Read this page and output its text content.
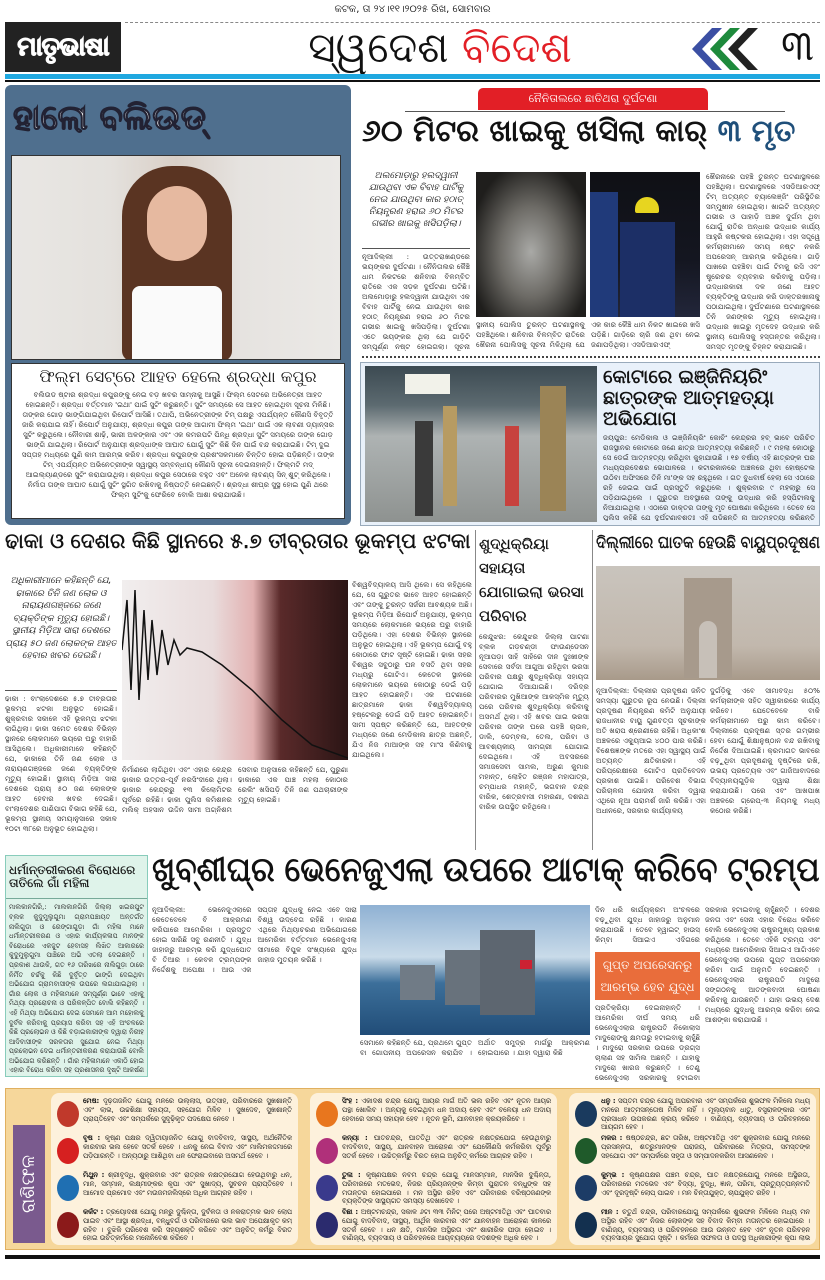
କଟକ, ତା ୨୪।୧୧।୨୦୨୫ ରିଖ, ସୋମବାର
ମାତୃଭାଷା	ସ୍ୱଦେଶ ବିଦେଶ	୩
ହାଲୋ ବଲିଉଡ୍
ଫିଲ୍ମ ସେଟ୍‌ରେ ଆହତ ହେଲେ ଶ୍ରଦ୍ଧା କପୁର
ବଲିଉଡ ଷ୍ଟାର ଶ୍ରଦ୍ଧା କପୁରଙ୍କୁ ନେଇ ବଡ଼ ଖବର ସାମ୍ନାକୁ ଆସୁଛି। ଫିଲ୍ମ ସେଟରେ ଅଭିନେତ୍ରୀ ଆହତ ହୋଇଛନ୍ତି। ଶ୍ରଦ୍ଧା ବର୍ତ୍ତମାନ 'ଇଥା' ପାଇଁ ସୁଟିଂ କରୁଛନ୍ତି। ସୁଟିଂ ସମୟରେ ସେ ଆହତ ହୋଇଥିବା ସୂଚନା ମିଳିଛି। ତାଙ୍କର ଗୋଡ଼ ଭାଙ୍ଗିଯାଇଥିବା ରିପୋର୍ଟ ଆସିଛି। ତଥାପି, ଅଭିନେତ୍ରୀଙ୍କ ଟିମ୍ ପକ୍ଷରୁ ଏପର୍ଯ୍ୟନ୍ତ କୌଣସି ବିବୃତ୍ତି ଜାରି କରାଯାଇ ନାହିଁ। ରିପୋର୍ଟ ଅନୁଯାୟୀ, ଶ୍ରଦ୍ଧା କପୁର ତାଙ୍କ ଆଗାମୀ ଫିଲ୍ମ 'ଇଥା' ପାଇଁ ଏକ ଲାବଣୀ ଡ୍ୟାନ୍ସର ସୁଟିଂ କରୁଥିଲେ। ନୌବାରୀ ଶାଢ଼ି, ଭାରୀ ଅଳଙ୍କାର ଏବଂ ଏକ କମରପଟି ପିନ୍ଧି ଶ୍ରଦ୍ଧା ସୁଟିଂ ସମୟରେ ତାଙ୍କ ଗୋଡ଼ ଭାଙ୍ଗି ଯାଇଥିଲା। ରିପୋର୍ଟ ଅନୁଯାୟୀ ଶ୍ରଦ୍ଧାଙ୍କ ଆଘାତ ଯୋଗୁଁ ସୁଟିଂ କିଛି ଦିନ ପାଇଁ ବନ୍ଦ କରାଯାଇଛି। ଟିମ୍ ଦୁଇ ସପ୍ତାହ ମଧ୍ୟରେ ପୁଣି କାମ ଆରମ୍ଭ କରିବ। ଶ୍ରଦ୍ଧା କପୁରଙ୍କ ପ୍ରଶଂସକମାନେ ଚିନ୍ତିତ ହୋଇ ପଡ଼ିଛନ୍ତି। ତାଙ୍କ ଟିମ୍ ଏପର୍ଯ୍ୟନ୍ତ ଅଭିନେତ୍ରୀଙ୍କ ସ୍ୱାସ୍ଥ୍ୟ ସମ୍ବନ୍ଧୀୟ କୌଣସି ସୂଚନା ଦେଇନାହାନ୍ତି। ଫିଲ୍ମଟି ମଦ୍ ଆଇଲ୍ୟାଣ୍ଡରେ ସୁଟିଂ କରାଯାଉଥିଲା। ଶ୍ରଦ୍ଧା କପୁର ସେଠାରେ ବହୁତ ଏବଂ ଅନେକ ଲାବଣ୍ୟ ସିନ୍ ଶୁଟ୍ କରିଥିଲେ। ନିର୍ମାତା ତାଙ୍କ ଆଘାତ ଯୋଗୁଁ ସୁଟିଂ ସ୍ଥଗିତ ରଖିବାକୁ ନିଷ୍ପତ୍ତି ନେଇଛନ୍ତି। ଶ୍ରଦ୍ଧା ଶୀଘ୍ର ସୁସ୍ଥ ହୋଇ ପୁଣି ଥରେ ଫିଲ୍ମ ସୁଟିଂକୁ ଫେରିବେ ବୋଲି ଆଶା କରାଯାଉଛି।
ନୈନିତାଲରେ ଛାତିଥରା ଦୁର୍ଘଟଣା
୬୦ ମିଟର ଖାଇକୁ ଖସିଲା କାର୍ ୩ ମୃତ
ଅଲମୋଡ଼ାରୁ ହଲଦ୍ୱାନୀ ଯାଉଥିବା ଏକ ବିବାହ ପାର୍ଟିକୁ ନେଇ ଯାଉଥିବା କାର ହଠାତ୍ ନିୟନ୍ତ୍ରଣ ହରାଇ ୬୦ ମିଟର ଗଭୀର ଖାଇକୁ ଖସିପଡ଼ିଲା।
ନୂଆଦିଲ୍ଲୀ : ଉତ୍ତରାଖଣ୍ଡରେ ଭୟଙ୍କର ଦୁର୍ଘଟଣା । ନୈନିତାଲର କୈଞ୍ଚି ଧାମ ନିକଟରେ ଶନିବାର ବିଳମ୍ବିତ ରାତିରେ ଏକ ସଡ଼କ ଦୁର୍ଘଟଣା ଘଟିଛି। ଅଲମୋଡ଼ାରୁ ହଲଦ୍ୱାନୀ ଯାଉଥିବା ଏକ ବିବାହ ପାର୍ଟିକୁ ନେଇ ଯାଉଥିବା କାର ହଠାତ୍ ନିୟନ୍ତ୍ରଣ ହରାଇ ୬୦ ମିଟର ଗଭୀର ଖାଇକୁ ଖସିପଡ଼ିଲା। ଦୁର୍ଘଟଣା ଏତେ ଭୟଙ୍କର ଥିଲା ଯେ ଗାଡ଼ିଟି ସମ୍ପୂର୍ଣ୍ଣ ନଷ୍ଟ ହୋଇଗଲା। ସୂଚନା
ସ୍ଥାନୀୟ ପୋଲିସ ତୁରନ୍ତ ଘଟଣାସ୍ଥଳକୁ ପହଞ୍ଚିଥିଲେ। ଶନିବାର ବିଳମ୍ବିତ ରାତିରେ ଖୈରନା ପୋଲିସକୁ ସୂଚନା ମିଳିଥିଲା ଯେ ଏକ କାର କୈଞ୍ଚି ଧାମ ନିକଟ ଖାଇରେ ଖସି ପଡ଼ିଛି। ଗାଡ଼ିରେ ଚାରି ଜଣ ଥିବା ନେଇ ଜଣାପଡ଼ିଥିଲା। ଏସଡିଆରଏଫ୍
ଖୈରନାରେ ପହଞ୍ଚି ତୁରନ୍ତ ଘଟଣାସ୍ଥଳରେ ପହଞ୍ଚିଥିଲା। ଘଟଣାସ୍ଥଳରେ ଏସଡିଆରଏଫ୍ ଟିମ୍ ଅତ୍ୟନ୍ତ ଚ୍ୟାଲେଞ୍ଜିଂ ପରିସ୍ଥିତିର ସମ୍ମୁଖୀନ ହୋଇଥିଲା। ଖାଇଟି ଅତ୍ୟନ୍ତ ଗଭୀର ଓ ପାହାଡ଼ି ଅଞ୍ଚଳ ଦୁର୍ଗମ ଥିବା ଯୋଗୁଁ ରାତିର ଅନ୍ଧାର ଉଦ୍ଧାର କାର୍ଯ୍ୟ ଆହୁରି କଷ୍ଟକର ହୋଇଥିଲା। ଏହା ସତ୍ତ୍ୱେ କର୍ମଚାରୀମାନେ ସମୟ ନଷ୍ଟ ନକରି ଅପରେସନ୍ ଆରମ୍ଭ କରିଥିଲେ। ଗାଡ଼ି ପାଖରେ ପହଞ୍ଚିବା ପାଇଁ ଟିମକୁ ରସି ଏବଂ ଷ୍ଟ୍ରେଚର ବ୍ୟବହାର କରିବାକୁ ପଡ଼ିଲା। ଉଦ୍ଧାରକାରୀ ଦଳ ଜଣେ ଆହତ ବ୍ୟକ୍ତିଙ୍କୁ ଉଦ୍ଧାର କରି ଡାକ୍ତରଖାନାକୁ ପଠାଯାଇଥିଲା। ଦୁର୍ଘଟଣାରେ ଘଟଣାସ୍ଥଳରେ ତିନି ଜଣଙ୍କର ମୃତ୍ୟୁ ହୋଇଥିଲା। ଉଦ୍ଧାର ଖାଇରୁ ମୃତଦେହ ଉଦ୍ଧାର କରି ସ୍ଥାନୀୟ ପୋଲିସକୁ ହସ୍ତାନ୍ତର କରିଥିଲା। ସମସ୍ତ ମୃତଙ୍କୁ ଚିହ୍ନଟ କରାଯାଇଛି।
କୋଟାରେ ଇଞ୍ଜିନିୟରିଂ ଛାତ୍ରଙ୍କ ଆତ୍ମହତ୍ୟା ଅଭିଯୋଗ
ଜୟପୁର: ମେଡିକାଲ ଓ ଇଞ୍ଜିନିୟରିଂ କୋଚିଂ କେନ୍ଦ୍ରର ହବ୍ ଭାବେ ପରିଚିତ ରାଜସ୍ଥାନର କୋଟାରେ ଜଣେ ଛାତ୍ର ଆତ୍ମହତ୍ୟା କରିଛନ୍ତି । ୯ ମହଲା କୋଠାରୁ ସେ ଡେଇଁ ଆତ୍ମହତ୍ୟା କରିଥିବା କୁହାଯାଉଛି । ୧୭ ବର୍ଷୀୟ ଏହି ଛାତ୍ରଙ୍କ ଘର ମଧ୍ୟପ୍ରଦେଶର ଭୋପାଳରେ । କଟାରକାନରେ ଅଞ୍ଚଳରେ ଥିବା ହୋଷ୍ଟେଲ ଉଠିବା ଅଫିସରେ ତିନି ମା'ଙ୍କ ସହ ରହୁଥିଲେ । ଗତ ବୁଧବାର୍ଷ ହେଲା ସେ ଏଠାରେ ରହି ଜେଇଇ ପାଇଁ ପ୍ରସ୍ତୁତି କରୁଥିଲେ । ଶୁକ୍ରବାର ୯ ମହଲାରୁ ସେ ପଡ଼ିଯାଇଥିଲେ । ଗୁରୁତର ଅବସ୍ଥାରେ ତାଙ୍କୁ ଉଦ୍ଧାର କରି ହସ୍ପିଟାଲକୁ ନିଆଯାଇଥିଲା । ଏଠାରେ ଡାକ୍ତର ତାଙ୍କୁ ମୃତ ଘୋଷଣା କରିଥିଲେ । ତେବେ ସେ ପୁଲିସ କହିଛି ଯେ ଦୁର୍ଘଟଣାବଶତଃ ଏହି ପଡ଼ିଛନ୍ତି ନା ଆତ୍ମହତ୍ୟା କରିଛନ୍ତି
ଢାକା ଓ ଦେଶର କିଛି ସ୍ଥାନରେ ୫.୭ ତୀବ୍ରତାର ଭୂକମ୍ପ ଝଟକା
ଅଧିକାରୀମାନେ କହିଛନ୍ତି ଯେ, ଢାକାରେ ତିନି ଜଣ ଲୋକ ଓ ନାରାୟଣଗଞ୍ଜରେ ଜଣେ ବ୍ୟକ୍ତିଙ୍କ ମୃତ୍ୟୁ ହୋଇଛି। ସ୍ଥାନୀୟ ମିଡ଼ିଆ ସାରା ଦେଶରେ ପ୍ରାୟ ୫୦ ଜଣ ଲୋକଙ୍କ ଆହତ ହେବାର ଖବର ଦେଇଛି।
ଢାକା : ବାଂଲାଦେଶରେ ୫.୭ ତୀବ୍ରତାର ଭୂକମ୍ପ ଝଟକା ଅନୁଭୂତ ହୋଇଛି। ଶୁକ୍ରବାର ସକାଳେ ଏହି ଭୂକମ୍ପ ଝଟକା ଲାଗିଥିଲା। ଢାକା ସମେତ ଦେଶର ବିଭିନ୍ନ ସ୍ଥାନରେ ଲୋକମାନେ ଭୟରେ ଘରୁ ବାହାରି ଆସିଥିଲେ। ଅଧିକାରୀମାନେ କହିଛନ୍ତି ଯେ, ଢାକାରେ ତିନି ଜଣ ଲୋକ ଓ ନାରାୟଣଗଞ୍ଜରେ ଜଣେ ବ୍ୟକ୍ତିଙ୍କ ମୃତ୍ୟୁ ହୋଇଛି। ସ୍ଥାନୀୟ ମିଡ଼ିଆ ସାରା ଦେଶରେ ପ୍ରାୟ ୫୦ ଜଣ ଲୋକଙ୍କ ଆହତ ହେବାର ଖବର ଦେଇଛି। ବାଂଲାଦେଶର ପାଣିପାଗ ବିଭାଗ କହିଛି ଯେ, ଭୂକମ୍ପ ସ୍ଥାନୀୟ ସମୟାନୁସାରେ ସକାଳ ୧୦ଟା ୩୮ରେ ଅନୁଭୂତ ହୋଇଥିଲା।
ନିର୍ମାଣରେ ଲାଗିଥିବା ଏବଂ ଏହାର କେନ୍ଦ୍ର ଢାକାର ଉତ୍ତର-ପୂର୍ବ ନରସିଂଦୀରେ ଥିଲା। ଢାକାର କେନ୍ଦ୍ରରୁ ୧୩ କିଲୋମିଟର ପୂର୍ବରେ ରହିଛି। ଢାକା ପୁଲିସ କମିଶନର ମଲିକ୍ ଅହସାନ ଉଦ୍ଦିନ ସାମୀ ଅଗ୍ନିଶମ ସେବାର ଅନୁସାରେ କହିଛନ୍ତି ଯେ, ପୁରୁଣା ଢାକାରେ ଏକ ପାଞ୍ଚ ମହଲା କୋଠାର ରେଲିଂ ଖସିପଡ଼ି ତିନି ଜଣ ପଥଚାରୀଙ୍କ ମୃତ୍ୟୁ ହୋଇଛି।
ବିଶ୍ୱବିଦ୍ୟାଳୟ ଆସି ଥିଲେ। ସେ କହିଥିଲେ ଯେ, ସେ ଗୁରୁତର ଭାବେ ଆହତ ହୋଇଛନ୍ତି ଏବଂ ତାଙ୍କୁ ତୁରନ୍ତ ସର୍ଜରୀ ଆବଶ୍ୟକ ଅଛି। ଭୂକମ୍ପ ମିଡ଼ିଆ ରିପୋର୍ଟ ଅନୁଯାୟୀ, ଭୂକମ୍ପ ସମୟରେ ଲୋକମାନେ ଭୟରେ ଘରୁ ବାହାରି ପଡ଼ିଥିଲେ। ଏହା ଦେଶର ବିଭିନ୍ନ ସ୍ଥାନରେ ଅନୁଭୂତ ହୋଇଥିଲା। ଏହି ଭୂକମ୍ପ ଯୋଗୁଁ ବହୁ କୋଠାରେ ଫାଟ ସୃଷ୍ଟି ହୋଇଛି। ଢାକା ସହର ବିଶ୍ୱର ସବୁଠାରୁ ଘନ ବସତି ଥିବା ସହର ମଧ୍ୟରୁ ଗୋଟିଏ। କେତେକ ସ୍ଥାନରେ ଲୋକମାନେ ଭୟରେ କୋଠାରୁ ଡେଇଁ ପଡ଼ି ଆହତ ହୋଇଛନ୍ତି। ଏକ ଘଟଣାରେ ଛାତ୍ରମାନେ ଢାକା ବିଶ୍ୱବିଦ୍ୟାଳୟ ହଷ୍ଟେଲରୁ ଡେଇଁ ପଡ଼ି ଆହତ ହୋଇଛନ୍ତି। ସାମୀ ସ୍ପଷ୍ଟ କରିଛନ୍ତି ଯେ, ଆହତଙ୍କ ମଧ୍ୟରେ ଜଣେ ମେଡିକାଲ ଛାତ୍ର ଅଛନ୍ତି, ଯିଏ ନିଜ ମାଆଙ୍କ ସହ ମାଂସ କିଣିବାକୁ ଯାଇଥିଲେ।
ଶୁଦ୍ଧିକ୍ରିୟା ସହାୟତା ଯୋଗାଇଲା ଭରସା ପରିବାର
କେନ୍ଦୁଝର: କେନ୍ଦୁଝର ଜିଲ୍ଲା ପାଟଣା ବ୍ଲକ ଗଡ଼ଚଣ୍ଡୀ ଫାଉଣ୍ଡେସନ ନୂଆପଡ଼ା ସାହି ସାହିରେ ଦୀନ ଦୁଃଖୀଙ୍କ ସେବାରେ ସର୍ବଦା ଆଗୁଆ ରହିଥିବା ଭରସା ପରିବାର ପକ୍ଷରୁ ଶୁଦ୍ଧିକ୍ରିୟା ସହାୟତା ଯୋଗାଇ ଦିଆଯାଇଛି। ଦରିଦ୍ର ପରିବାରର ମୁଖିଆଙ୍କ ଆକସ୍ମିକ ମୃତ୍ୟୁ ପରେ ପରିବାର ଶୁଦ୍ଧିକ୍ରିୟା କରିବାକୁ ଅସମର୍ଥ ଥିଲା। ଏହି ଖବର ପାଇ ଭରସା ପରିବାର ତାଙ୍କ ଘରେ ପହଞ୍ଚି ଚାଉଳ, ଡାଲି, ଡେମ୍ବଲ, ତେଲ, ପରିବା ଓ ଆବଶ୍ୟକୀୟ ସାମଗ୍ରୀ ଯୋଗାଇ ଦେଇଥିଲେ। ଏହି ଅବସରରେ ସମାଜସେବୀ ସାମଲ, ଅରୁଣ କୁମାର ମହାନ୍ତ, ଲୋହିତ ରଞ୍ଜନ ମହାପାତ୍ର, ଚମ୍ପାଧର ମହାନ୍ତି, ଭଗବାନ ଚନ୍ଦ୍ର ବାରିକ, ଶେତ୍ରବାସୀ ମହାରଣା, ଦଶରଥ ବାରିକ ଉପସ୍ଥିତ ରହିଥିଲେ।
ଦିଲ୍ଲୀରେ ଘାତକ ହେଉଛି ବାୟୁପ୍ରଦୂଷଣ
ନୂଆଦିଲ୍ଲୀ: ଦିଲ୍ଲୀର ପ୍ରଦୂଷଣ ଜନିତ ସମସ୍ୟା ଗୁରୁତର ରୂପ ନେଉଛି। ଦିଲ୍ଲୀ ପ୍ରଦୂଷଣ ନିୟନ୍ତ୍ରଣ କମିଟି ଅନୁଯାୟୀ ରାଜଧାନୀର ବାୟୁ ଗୁଣବତ୍ତା ସୂଚକାଙ୍କ ଅତି ଖରାପ ଶ୍ରେଣୀରେ ରହିଛି। ଅଧିକାଂଶ ଅଞ୍ଚଳରେ ଏକ୍ୟୁଆଇ ୪୦୦ ପାର କରିଛି। ବିଶେଷଜ୍ଞଙ୍କ ମତରେ ଏହା ସ୍ୱାସ୍ଥ୍ୟ ପାଇଁ ଅତ୍ୟନ୍ତ କ୍ଷତିକାରକ। ଏହି ପରିପ୍ରେକ୍ଷୀରେ ଗୋଟିଏ ପ୍ରତିବେଦନ ପ୍ରକାଶ ପାଇଛି। ପରିବେଶ ବିଭାଗ ପରିଚାଳନା ଯୋଜନା କରିବା ଦ୍ୱାରା ଏଥିରେ ନୂଆ ପରାମର୍ଶ ଜାରି କରିଛି। ଏହା ଅଧୀନରେ, ସରକାର କାର୍ଯ୍ୟାଳୟ
ଦୁର୍ଗଡ଼ିକୁ ଏବେ ସୀମାବଦ୍ଧ ୫୦% କର୍ମଚାରୀଙ୍କ ସହିତ ସ୍ୱୀକାରରେ କାର୍ଯ୍ୟ କରିବେ। ଯେତେବେଳେ ବାକି କର୍ମଚାରୀମାନେ ଘରୁ କାମ କରିବେ। ଦିଲ୍ଲୀରେ ପ୍ରଦୂଷଣ ସ୍ତର ଗମ୍ଭୀର ହେବା ଯୋଗୁଁ ଶିକ୍ଷାନୁଷ୍ଠାନ ବନ୍ଦ ରଖିବାକୁ ନିର୍ଦ୍ଦେଶ ଦିଆଯାଇଛି। କ୍ରମାଗତ ଭାବରେ ବଢ଼ୁଥିବା ପ୍ରଦୂଷଣକୁ ଦୃଷ୍ଟିରେ ରଖି, ଉଭୟ ପ୍ରତ୍ୟେକ ଏବଂ ଗାଜିଆବାଦରେ ବିଦ୍ୟାଳୟଗୁଡ଼ିକ ଦ୍ୱାରା ଶିକ୍ଷା କରାଯାଉଛି। ପରେ ଏବଂ ଆଖପାଖ ଅଞ୍ଚଳରେ ଗ୍ରେପ୍-୩ ନିୟମକୁ ମଧ୍ୟ କଠୋର କରିଛି।
ଧର୍ମାନ୍ତରୀକରଣ ବିରୋଧରେ ତାତିଲେ ଗାଁ ମହିଳା
ମାଲକାନଗିରି,: ମାଲକାନଗିରି ଜିଲ୍ଲା ଖଇରପୁଟ ବ୍ଲକ କୁଦୁମୁଲୁଗୁମା ଗ୍ରାମପଞ୍ଚାୟତ ଅନ୍ତର୍ଗତ ନାଲିଗୁଡ଼ା ଓ ରେଙ୍ଗାଗୁଡ଼ା ଗାଁ ମହିଳା ମାନେ ଧର୍ମାନ୍ତରୀକରଣ ଓ ଏହାର କାର୍ଯ୍ୟକଳାପ ମାନଙ୍କ ବିରୋଧରେ ଏକଜୁଟ ହେବାସହ ଲିଖିତ ଆକାରରେ କୁଦୁମୁଲୁଗୁମା ପାଞ୍ଚିରେ ଅଭି ଏତଲା ଦେଇଛନ୍ତି । ପ୍ରକାଶ ଥାଉକି, ଗତ ୧୬ ତାରିଖରେ ନାଲିଗୁଡ଼ା ଠାରେ ନିର୍ମିତ ଚର୍ଚ୍ଚକୁ କିଛି ଦୁର୍ବୃତ୍ତ ଭାଙ୍ଗି ଦେଇଥିବା ଅଭିଯୋଗ ଗ୍ରାମବାସୀଙ୍କ ଉପରେ ଲଗାଯାଇଥିଲା । ଗାଁର ଲୋକ ଓ ମହିଳାମାନେ ସମ୍ପୂର୍ଣ୍ଣ ଭାବେ ଏହାକୁ ମିଥ୍ୟା ପ୍ରରୋଚନା ଓ ପରିକଳ୍ପିତ ବୋଲି କହିଛନ୍ତି । ଏହି ମିଥ୍ୟା ଅଭିଯୋଗ ଦେଇ ସେମାନେ ଆମ ମହୋଲକୁ ଦୁର୍ବଳ କରିବାକୁ ପ୍ରୟାସ କରିବା ସହ ଏହି ଅଂଚଳରେ କିଛି ପ୍ରଲୋଭନ ଓ କିଛି ବଡ଼ାଇକାରୀଙ୍କ ଦ୍ୱାରା ନିରୀହ ଆଦିବାସୀଙ୍କ ସରଳତାର ସୁଯୋଗ ନେଇ ମିଥ୍ୟା ପ୍ରଲୋଭନ ଦେଇ ଧର୍ମାନ୍ତରୀକରଣ କରାଯାଉଛି ବୋଲି ଅଭିଯୋଗ କରିଛନ୍ତି । ଗାଁର ମହିଳାମାନେ ଏକାଠି ହୋଇ ଏହାର ବିରୋଧ କରିବା ସହ ପ୍ରଶାସନର ଦୃଷ୍ଟି ଆକର୍ଷଣ
ଖୁବ୍‌ଶୀଘ୍ର ଭେନେଜୁଏଲା ଉପରେ ଆଟାକ୍ କରିବେ ଟ୍ରମ୍ପ
ନୂଆଦିଲ୍ଲୀ: ଭେନେଜୁଏଲାରେ କେତେବେଳେ ବି ଆକ୍ରମଣ କରିପାରେ ଆମେରିକା । ପ୍ରସ୍ତୁତ ହୋଇ ସାରିଛି ସବୁ ରଣନୀତି । ଯୁଦ୍ଧ ଜାହାଜରୁ ଆରମ୍ଭ କରି ଯୁଦ୍ଧପୋତ ବି ତିଆର । କେବଳ ଟ୍ରମ୍ପଙ୍କ ନିର୍ଦ୍ଦେଶକୁ ଅପେକ୍ଷା । ଆଉ ଏକ ସପ୍ତାହ ଯୁଦ୍ଧକୁ ନେଇ ଏବେ ସାରା ବିଶ୍ୱ ଉଦ୍‌ବେଗ ରହିଛି । କାରଣ ଏଥିରେ ମିଥ୍ୟାଚରଣ ଅଭିଯୋଗରେ ଆମେରିକା ବର୍ତ୍ତମାନ ଭେନେଜୁଏଲା ସୀମାରେ ବିପୁଳ ସଂଖ୍ୟାରେ ଯୁଦ୍ଧ ଜାହାଜ ମୁତୟନ କରିଛି ।
ସେମାନେ କହିଛନ୍ତି ଯେ, ପ୍ରଥମେ ଗୁପ୍ତ ବା ଗୋପନୀୟ ଅପରେସନ କରାଯିବ । ଅର୍ଥାତ ସମୁଦ୍ର ମାର୍ଗରୁ ଆକ୍ରମଣ ହୋଇପାରେ । ଯାହା ଦ୍ୱାରା କିଛି
ଗୁପ୍ତ ଅପରେସନରୁ ଆରମ୍ଭ ହେବ ଯୁଦ୍ଧ
ଦିନ ଧରି କାର୍ଯ୍ୟକ୍ରମ ଅଂଚଳରେ ବଢ଼ୁଥିବା ଯୁଦ୍ଧ ଜାହାଜରୁ ଅନୁମାନ କରାଯାଉଛି । ତେବେ ହ୍ୱାଇଟ୍ ହାଉସ୍ କିମ୍ବା ସିଆଇଏ ଏଦିଗରେ ପ୍ରତିକ୍ରିୟା ଦେଇନାହାନ୍ତି । ଆମେରିକା ଦୀର୍ଘ ସମୟ ଧରି ଭେନେଜୁଏଲାର ରାଷ୍ଟ୍ରପତି ନିକୋଲାସ ମାଦୁରୋଙ୍କୁ କ୍ଷମତାରୁ ହଟାଇବାକୁ ଚାହୁଁଛି । ମାଦୁରୋ ସରକାର ଉପରେ ଡ୍ରଗ୍ସ ଚାଲାଣ ସହ ସାମିଲ ଅଛନ୍ତି । ଯାହାକୁ ମାଦୁରୋ ଖାରଜ କରୁଛନ୍ତି । ତେଣୁ ଭେନେଜୁଏଲା ସରକାରକୁ ହଟାଇବା
ସରକାର ହଟାଇବାକୁ ଚାହୁଁଛନ୍ତି । ଦେଶର ଜନତା ଏବଂ ସେନା ଏହାର ବିରୋଧ କରିବେ ବୋଲି ଭେନେଜୁଏଲା ରାଷ୍ଟ୍ରମୁଖ୍ୟ ପ୍ରକାଶ କରିଥିଲେ । ତେବେ ଏହିକି ଟ୍ରମ୍ପ ଏବଂ ମଧ୍ୟରେ ଆମେରିକାର ସିଆଇଏ ଆଗିଏବେ ଭେନେଜୁଏଲା ଉପରେ ଗୁପ୍ତ ଅପରେସନ କରିବା ପାଇଁ ଅନୁମତି ଦେଇଛନ୍ତି । ଭେନେଜୁଏଲାର ରାଷ୍ଟ୍ରପତି ମାଦୁରୋ ସଙ୍ଗଠନକୁ ଆତଙ୍କବାଦୀ ଘୋଷଣା କରିବାକୁ ଯାଉଛନ୍ତି । ଯାହା ଉଭୟ ଦେଶ ମଧ୍ୟରେ ଯୁଦ୍ଧକୁ ଆରମ୍ଭ କରିବା ନେଇ ଆଶଙ୍କା କରାଯାଉଛି ।
ରାଶିଫଳ
ମେଷ: ଦୃଢ଼ତାଜନିତ ଯୋଗୁ ମନରେ ଉଲ୍ଲାସ, ଉତ୍ସାହ, ପରିବାରରେ ସୁଖଶାନ୍ତି ଏବଂ ଲାଭ, ଉଚ୍ଚଶିକ୍ଷା ସହାୟତା, ସହଯୋଗ ମିଳିବ । ସୁଖଦେବ, ସୁଖଶାନ୍ତି ପ୍ରାପ୍ତିହେବ ଏବଂ ସମ୍ପର୍କରେ ସୁଦୃଢ଼ିକୃତ ପଦକ୍ଷେପ ନେବେ ।
ବୃଷ : କୃଷ୍ଣ ପକ୍ଷର ଦ୍ୱିତୀୟାଜନିତ ଯୋଗୁ ବାଦବିବାଦ, ସାସ୍ଥ୍ୟ, ଅର୍ଥନୈତିକ କାରବାର ଭଲ ହେବେ ସତର୍କ ହେବେ । ଧନକୁ ନେଇ ବିବାଦ ଏବଂ ମାଲିମକଦ୍ଦମାରେ ପଡ଼ିପାରନ୍ତି । ଅନ୍ୟଠାରୁ ଆଶିଥିବା ଧନ ଫେରାଇବାରେ ଅସମର୍ଥ ହେବେ ।
ମିଥୁନ : ଶ୍ରୀବୃଦ୍ଧି, ଶୁକ୍ରବାର ଏବଂ ରାତ୍ରକ ନକ୍ଷତ୍ରଯୋଗ ହେଉଥିବାରୁ ଧନ, ମାନ, ସମ୍ମାନ, ଲକ୍ଷ୍ମୀଙ୍କର କୃପା ଏବଂ ସୁଖାଦ୍ୟ, ସୁବଚନ ପ୍ରାପ୍ତିହେବ । ଆମୋଦ ପ୍ରମୋଦ ଏବଂ ମଉଜମଜଲିସ୍‌ରେ ଅଧିକ ଆଗ୍ରହ ରହିବ ।
କର୍କଟ : ତ୍ରୟୋଦଶୀ ଯୋଗୁ ମନରୁ ଦୁଶ୍ଚିନ୍ତା, ଦୁର୍ବଳତା ଓ ନକରାତ୍ମକ ଭାବ ଲୋପ ପାଇବ ଏବଂ ଆସ୍ଥା ଶ୍ରଦ୍ଧା, ବନ୍ଧୁବର୍ଗ ଓ ପରିବାରରେ ଭଲ ଭାବ ଅପେକ୍ଷାକୃତ କମ୍ ରହିବ । ବୁଝିକି ପରିବେଶ କରି ସହ୍ୟଶକ୍ତି କରିବେ ଏବଂ ଅନୁଚିତ୍ କର୍ମରୁ ବିରତ ହୋଇ ଉଚିତ୍‌କର୍ମରେ ମନୋନିବେଶ କରିବେ ।
ସିଂହ : ଏକାଦଶ ଚନ୍ଦ୍ର ଯୋଗୁ ଆୟର ମାର୍ଗ ଅତି ଭଲ ରହିବ ଏବଂ ନୂତନ ଆୟର ପନ୍ଥା ଖୋଲିବ । ଅନ୍ୟକୁ ଦେଇଥିବା ଧନ ଅଦାୟ ହେବ ଏବଂ ବଳେୟା ଧନ ଅଦାୟ ହେବାରେ ସମୟ ସହାୟକ ହେବ । ନୂତନ ଭୂମି, ଯାନବାହନ କ୍ରୟକରିବେ ।
କନ୍ୟା : ଘାତଚନ୍ଦ୍ର, ଘାତତିଥି ଏବଂ ରାତ୍ରକ ନକ୍ଷତ୍ରଯୋଗ ହେଉଥିବାରୁ ବାଦବିବାଦ, ସାସ୍ଥ୍ୟ, ଯାନବାହନ ଆରୋହଣ ଏବଂ ଯେକୌଣସି କର୍ମକରିବା ପୂର୍ବରୁ ସତର୍କ ହେବେ । ଉଚ୍ଚିତ୍‌କର୍ମରୁ ବିରତ ହୋଇ ଅନୁଚିତ୍ କର୍ମରେ ଆଗ୍ରହ ରହିବ ।
ତୁଳା : କୃଷ୍ଣପକ୍ଷର ନବମ ଚନ୍ଦ୍ର ଯୋଗୁ ମାନସମ୍ମାନ, ମାନସିକ ଦୁଶ୍ଚିନ୍ତା, ପରିବାରରେ ମତଭେଦ, ନିଜର ପ୍ରିୟଜନ୍ଙ୍କ କିମ୍ବା ପୁରାତନ ବନ୍ଧୁଙ୍କ ସହ ମତାନ୍ତର ହୋଇପାରେ । ମନ ଅସ୍ଥିର ରହିବ ଏବଂ ପରିବାରର ବରିଷ୍ଠଜଣଙ୍କ ବ୍ୟକ୍ତିଙ୍କ ସାସ୍ଥ୍ୟଗତ ସମସ୍ୟା ଦେଖାଦେବ ।
ବିଛା : ଅଷ୍ଟମଚନ୍ଦ୍ର, ସକାଳ ୬ଟା ୩୩ ମିନିଟ୍ ପରେ ଅଷ୍ଟମୀତିଥି ଏବଂ ଘାତବାର ଯୋଗୁ ବାଦବିବାଦ, ସାସ୍ଥ୍ୟ, ଆର୍ଥିକ କାରବାର ଏବଂ ଯାନବାହନ ଆରୋହଣ କାଳରେ ସତର୍କ ହେବେ । ଧନ କ୍ଷତି, ମାନସିକ ଅସ୍ଥିରତା ଏବଂ ଶାରୀରିକ ପୀଡ଼ା ହୋଇବ । ବାଣିଜ୍ୟ, ବ୍ୟବସାୟ ଓ ପରିବହନରେ ଆୟବ୍ୟୟରେ ଦଦଶଙ୍କ ଅଧିକ ହେବ ।
ଧନୁ : ସପ୍ତମ ଚନ୍ଦ୍ର ଯୋଗୁ ଅପରବାର ଏବଂ ସମ୍ପର୍କରେ ଶୁଭଫଳ ମିଳିଲେ ମଧ୍ୟ ମନରେ ଆତ୍ମସନ୍ତୋଷ ମିଳିବ ନାହିଁ । ମୂଲ୍ୟବାନ ଧାତୁ, ବସ୍ତ୍ରାଳଙ୍କାର ଏବଂ ପ୍ରସାଧନ ଉପକରଣ କ୍ରୟ କରିବେ । ବାଣିଜ୍ୟ, ବ୍ୟବସାୟ ଓ ପରିବହନରେ ଆୟଗମ ହେବ ।
ମକର : ଷଷ୍ଠଚନ୍ଦ୍ର, ଛଟ ତାରିଖ, ଅଷ୍ଟମୀତିଥି ଏବଂ ଶୁକ୍ରବାର ଯୋଗୁ ମନରେ ପ୍ରସନ୍ନତା, ଶତ୍ରୁମାନଙ୍କ ପରାଜୟ, ପରିବାରରେ ମିତ୍ରତା, ସମସ୍ତଙ୍କ ସହଯୋଗ ଏବଂ ସମ୍ପର୍କରେ ସହୃତା ଓ ସମ୍ପାଦନକରିବା ଆସଣଲେବ ।
କୁମ୍ଭ : କୃଷ୍ଣପକ୍ଷର ପଞ୍ଚମ ଚନ୍ଦ୍ର, ଘାତ ନକ୍ଷତ୍ରଯୋଗୁ ମନରେ ଅସ୍ଥିରତା, ପରିବାରରେ ମତଭେଦ ଏବଂ ବିଦ୍ୟା, ବୁଦ୍ଧି, ଜ୍ଞାନ, ପରିମା, ପ୍ରତ୍ୟୁତ୍ପନ୍ନମତି ଏବଂ ଦୂରଦୃଷ୍ଟି ଲୋପ୍ ପାଇବ । ମନ ଚିନ୍ତାଯୁକ୍ତ, ଚାପଯୁକ୍ତ ରହିବ ।
ମୀନ : ଚତୁର୍ଥ ଚନ୍ଦ୍ର, ପରିବାରଯୋଗୁ ସମ୍ପର୍କରେ ଶୁଭଫଳ ମିଳିଲେ ମଧ୍ୟ ମନ ଅସ୍ଥିର ରହିବ ଏବଂ ନିଜର ଲୋକଙ୍କ ସହ ବିବାଦ କିମ୍ବା ମତାନ୍ତର ହୋଇପାରେ । ବାଣିଜ୍ୟ, ବ୍ୟବସାୟ ଓ ପରିବହନରେ ଆଉ ଉନ୍ନତ ହେବ ଏବଂ ନୂତନ ପରିବହନ ବ୍ୟବସାୟର ସୁଯୋଗ ସୃଷ୍ଟି । କର୍ମରେ ସଫଳତା ଓ ପଦସ୍ଥ ଅଧିକାରୀଙ୍କ କୃପା ଲାଭ
